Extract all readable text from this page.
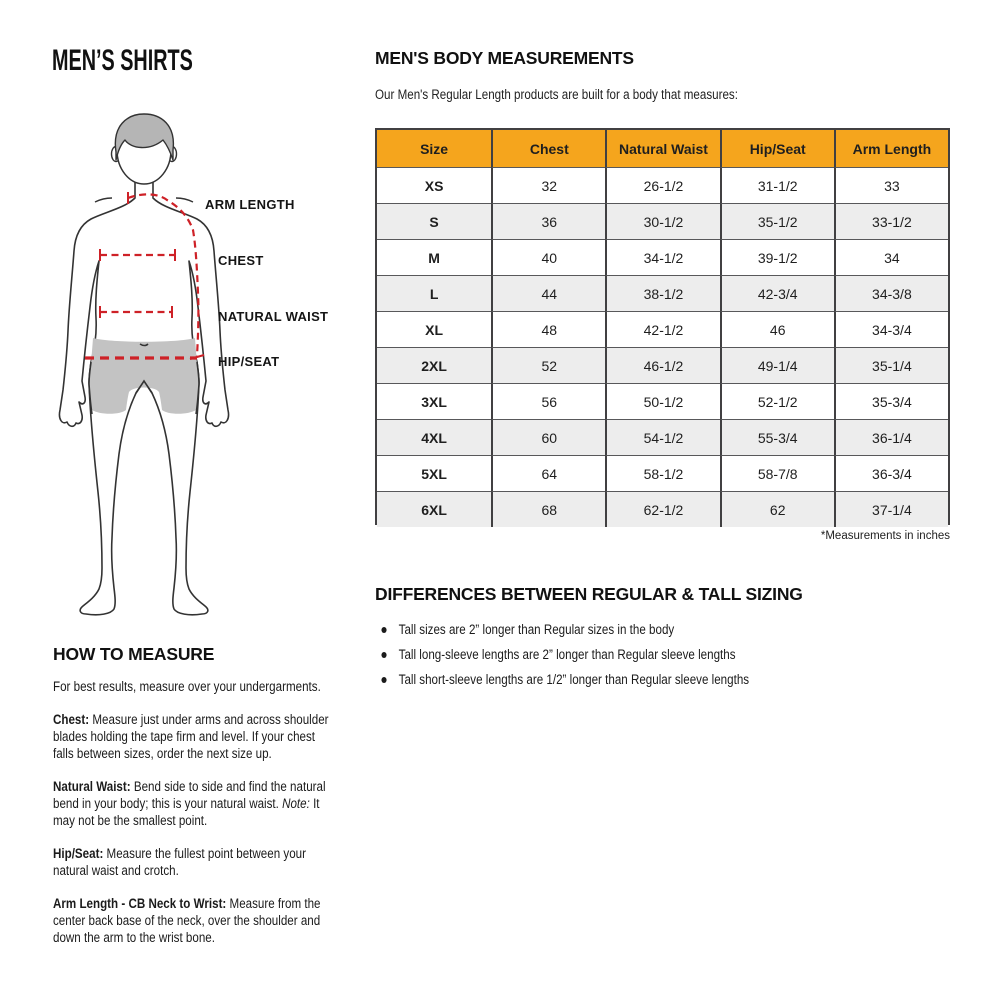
MEN’S SHIRTS
ARM LENGTH
CHEST
NATURAL WAIST
HIP/SEAT
HOW TO MEASURE

For best results, measure over your undergarments.

Chest: Measure just under arms and across shoulder blades holding the tape firm and level. If your chest falls between sizes, order the next size up.

Natural Waist: Bend side to side and find the natural bend in your body; this is your natural waist. Note: It may not be the smallest point.

Hip/Seat: Measure the fullest point between your natural waist and crotch.

Arm Length - CB Neck to Wrist: Measure from the center back base of the neck, over the shoulder and down the arm to the wrist bone.

MEN'S BODY MEASUREMENTS
Our Men's Regular Length products are built for a body that measures:
Size	Chest	Natural Waist	Hip/Seat	Arm Length
XS	32	26-1/2	31-1/2	33
S	36	30-1/2	35-1/2	33-1/2
M	40	34-1/2	39-1/2	34
L	44	38-1/2	42-3/4	34-3/8
XL	48	42-1/2	46	34-3/4
2XL	52	46-1/2	49-1/4	35-1/4
3XL	56	50-1/2	52-1/2	35-3/4
4XL	60	54-1/2	55-3/4	36-1/4
5XL	64	58-1/2	58-7/8	36-3/4
6XL	68	62-1/2	62	37-1/4
*Measurements in inches
DIFFERENCES BETWEEN REGULAR & TALL SIZING
Tall sizes are 2” longer than Regular sizes in the body
Tall long-sleeve lengths are 2” longer than Regular sleeve lengths
Tall short-sleeve lengths are 1/2” longer than Regular sleeve lengths
